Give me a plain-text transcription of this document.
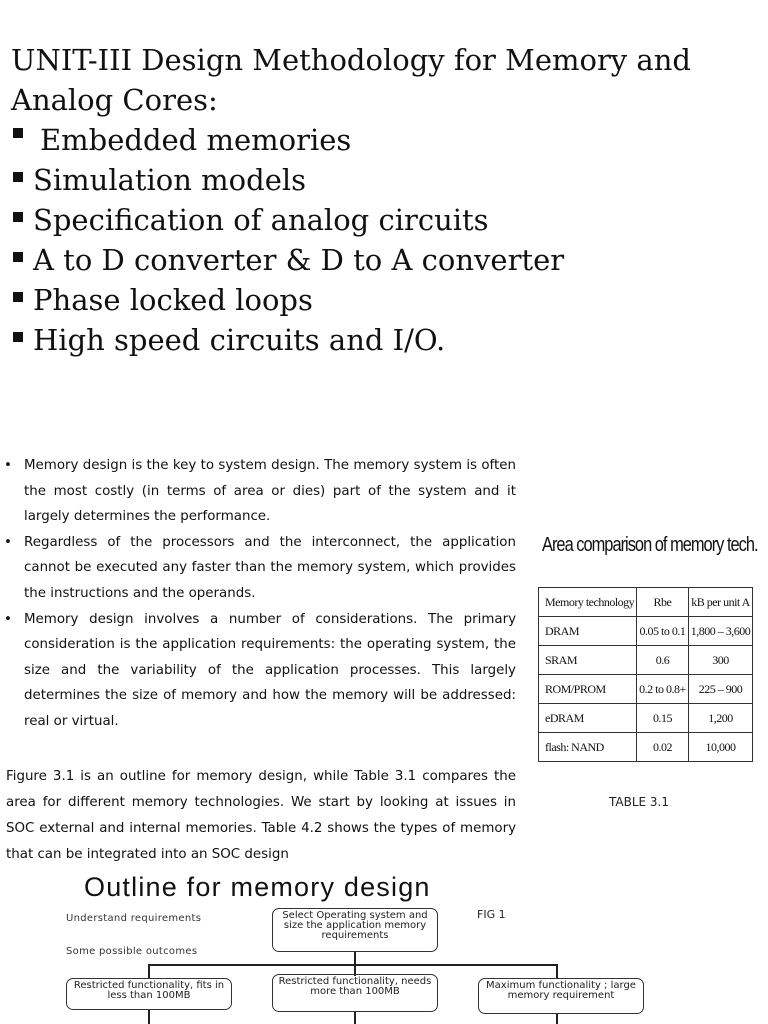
UNIT-III Design Methodology for Memory and Analog Cores:
Embedded memories
Simulation models
Specification of analog circuits
A to D converter & D to A converter
Phase locked loops
High speed circuits and I/O.
• Memory design is the key to system design. The memory system is often the most costly (in terms of area or dies) part of the system and it largely determines the performance.
• Regardless of the processors and the interconnect, the application cannot be executed any faster than the memory system, which provides the instructions and the operands.
• Memory design involves a number of considerations. The primary consideration is the application requirements: the operating system, the size and the variability of the application processes. This largely determines the size of memory and how the memory will be addressed: real or virtual.
Figure 3.1 is an outline for memory design, while Table 3.1 compares the area for different memory technologies. We start by looking at issues in SOC external and internal memories. Table 4.2 shows the types of memory that can be integrated into an SOC design
Area comparison of memory tech.
Memory technology	Rbe	kB per unit A
DRAM	0.05 to 0.1	1,800 – 3,600
SRAM	0.6	300
ROM/PROM	0.2 to 0.8+	225 – 900
eDRAM	0.15	1,200
flash: NAND	0.02	10,000
TABLE 3.1
Outline for memory design
FIG 1
Understand requirements
Some possible outcomes
Select Operating system and size the application memory requirements
Restricted functionality, fits in less than 100MB
Restricted functionality, needs more than 100MB
Maximum functionality ; large memory requirement
